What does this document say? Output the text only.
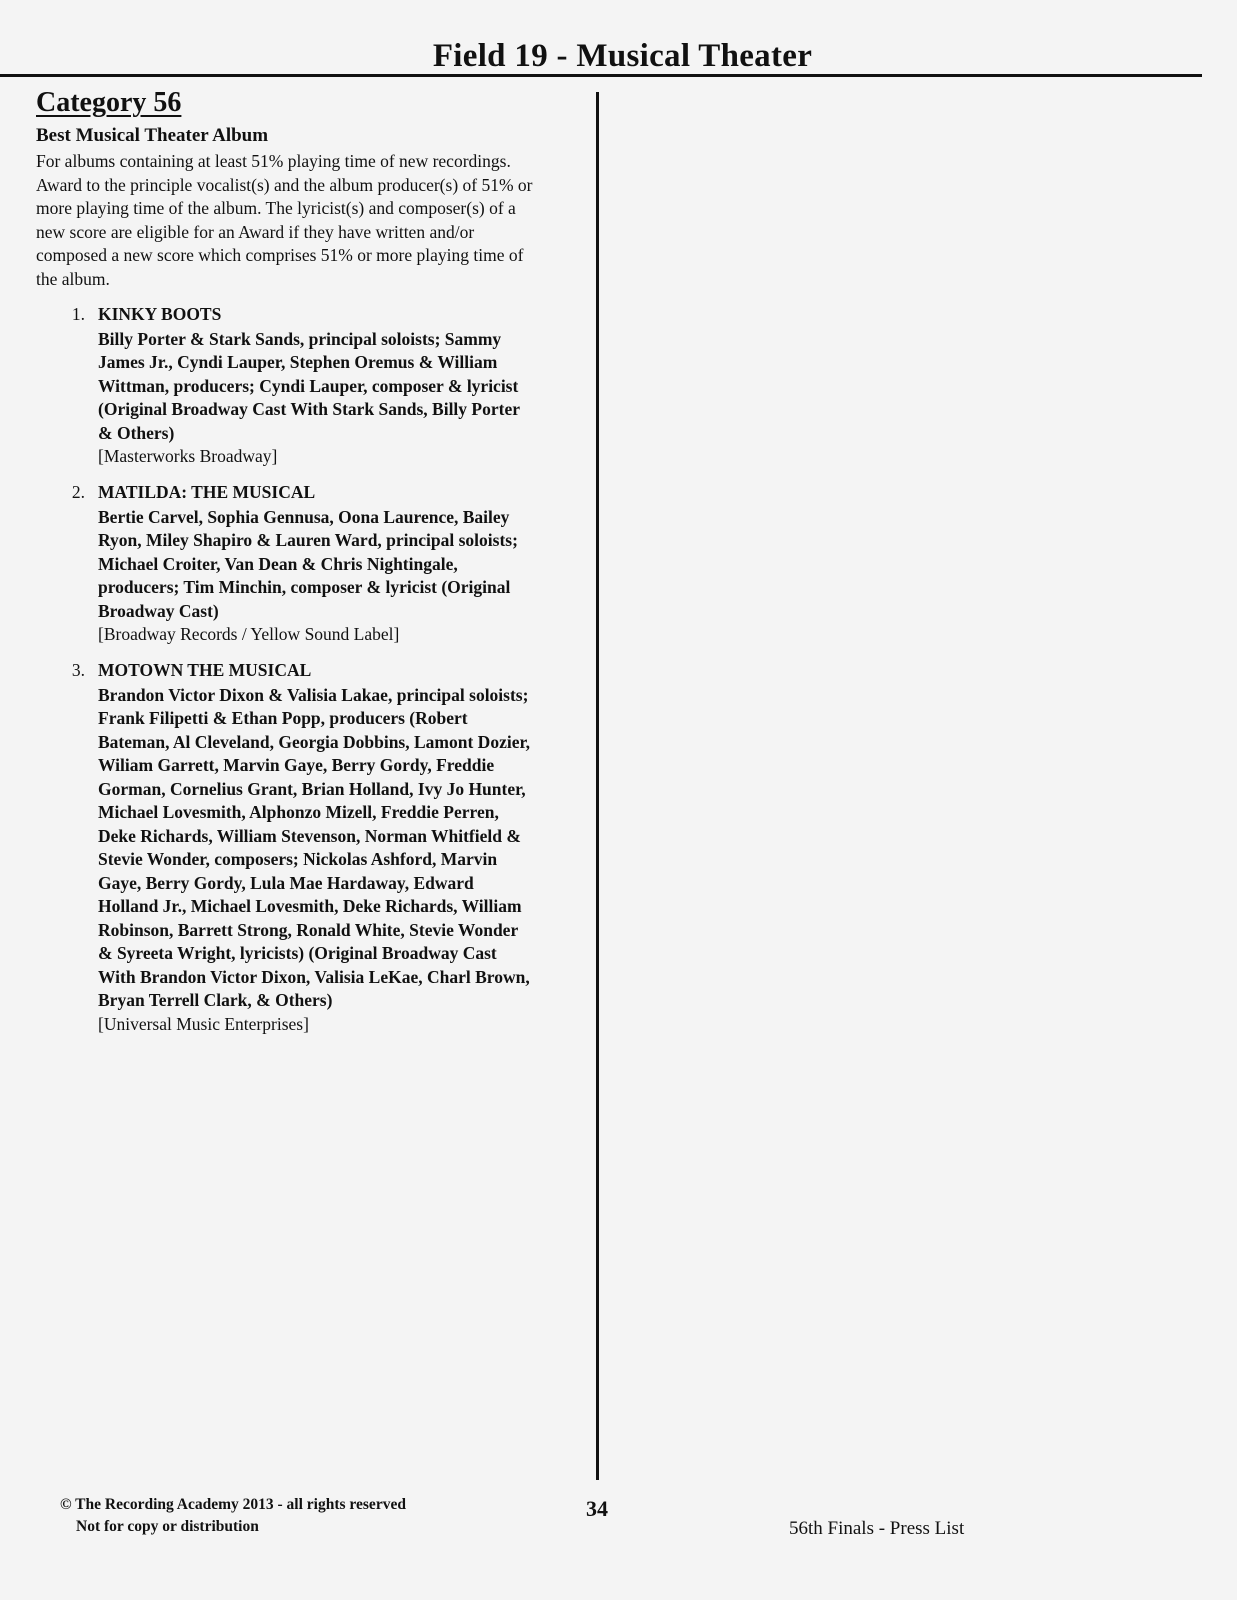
Field 19 - Musical Theater
Category 56
Best Musical Theater Album

For albums containing at least 51% playing time of new recordings. Award to the principle vocalist(s) and the album producer(s) of 51% or more playing time of the album. The lyricist(s) and composer(s) of a new score are eligible for an Award if they have written and/or composed a new score which comprises 51% or more playing time of the album.

1. KINKY BOOTS
Billy Porter & Stark Sands, principal soloists; Sammy James Jr., Cyndi Lauper, Stephen Oremus & William Wittman, producers; Cyndi Lauper, composer & lyricist (Original Broadway Cast With Stark Sands, Billy Porter & Others)
[Masterworks Broadway]
2. MATILDA: THE MUSICAL
Bertie Carvel, Sophia Gennusa, Oona Laurence, Bailey Ryon, Miley Shapiro & Lauren Ward, principal soloists; Michael Croiter, Van Dean & Chris Nightingale, producers; Tim Minchin, composer & lyricist (Original Broadway Cast)
[Broadway Records / Yellow Sound Label]
3. MOTOWN THE MUSICAL
Brandon Victor Dixon & Valisia Lakae, principal soloists; Frank Filipetti & Ethan Popp, producers (Robert Bateman, Al Cleveland, Georgia Dobbins, Lamont Dozier, Wiliam Garrett, Marvin Gaye, Berry Gordy, Freddie Gorman, Cornelius Grant, Brian Holland, Ivy Jo Hunter, Michael Lovesmith, Alphonzo Mizell, Freddie Perren, Deke Richards, William Stevenson, Norman Whitfield & Stevie Wonder, composers; Nickolas Ashford, Marvin Gaye, Berry Gordy, Lula Mae Hardaway, Edward Holland Jr., Michael Lovesmith, Deke Richards, William Robinson, Barrett Strong, Ronald White, Stevie Wonder & Syreeta Wright, lyricists) (Original Broadway Cast With Brandon Victor Dixon, Valisia LeKae, Charl Brown, Bryan Terrell Clark, & Others)
[Universal Music Enterprises]
© The Recording Academy 2013 - all rights reserved
Not for copy or distribution
34
56th Finals - Press List
